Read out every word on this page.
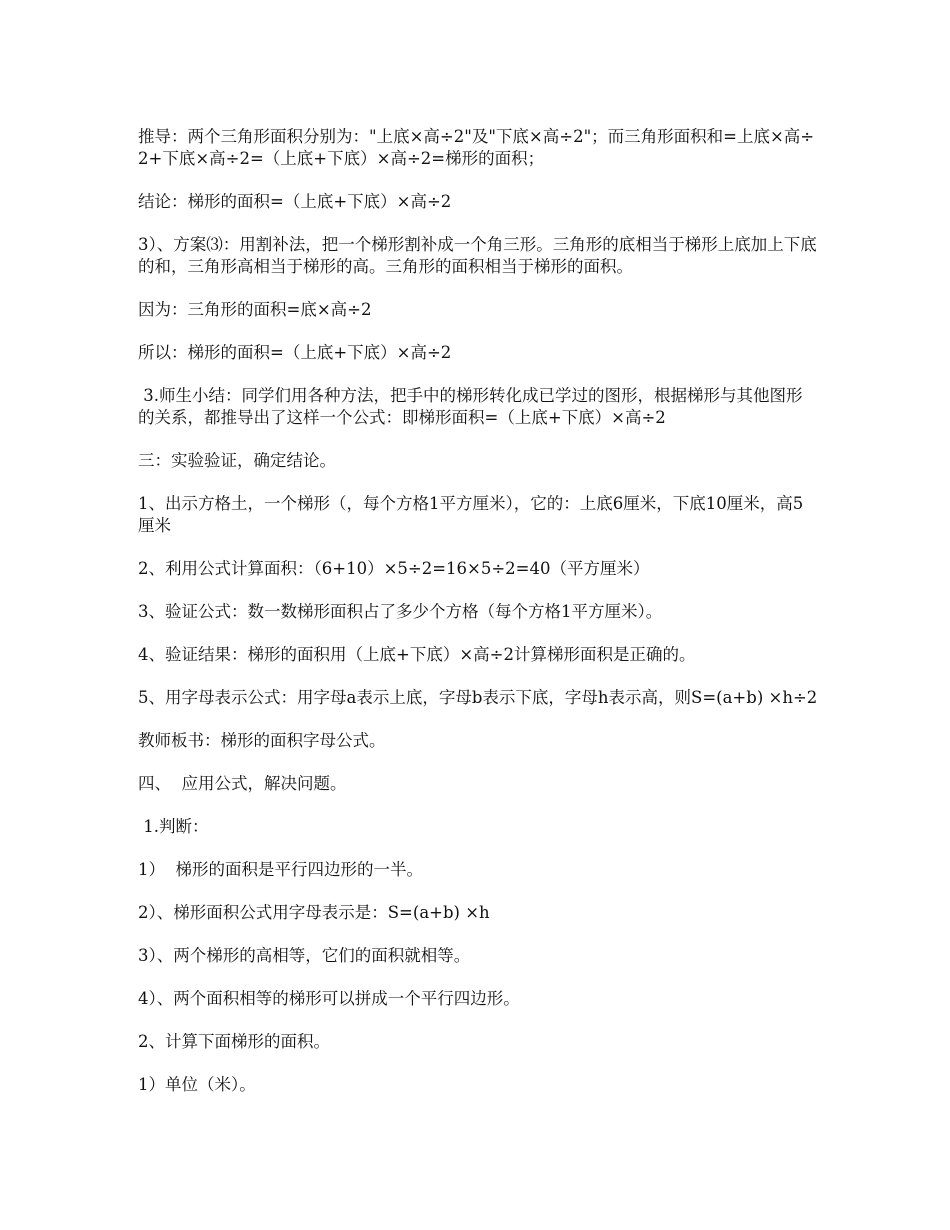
推导：两个三角形面积分别为："上底×高÷2"及"下底×高÷2"；而三角形面积和=上底×高÷2+下底×高÷2=（上底+下底）×高÷2=梯形的面积；

结论：梯形的面积=（上底+下底）×高÷2

3）、方案⑶：用割补法，把一个梯形割补成一个角三形。三角形的底相当于梯形上底加上下底的和，三角形高相当于梯形的高。三角形的面积相当于梯形的面积。

因为：三角形的面积=底×高÷2

所以：梯形的面积=（上底+下底）×高÷2

3.师生小结：同学们用各种方法，把手中的梯形转化成已学过的图形，根据梯形与其他图形的关系，都推导出了这样一个公式：即梯形面积=（上底+下底）×高÷2

三：实验验证，确定结论。

1、出示方格土，一个梯形（，每个方格1平方厘米），它的：上底6厘米，下底10厘米，高5厘米

2、利用公式计算面积：（6+10）×5÷2=16×5÷2=40（平方厘米）

3、验证公式：数一数梯形面积占了多少个方格（每个方格1平方厘米）。

4、验证结果：梯形的面积用（上底+下底）×高÷2计算梯形面积是正确的。

5、用字母表示公式：用字母a表示上底，字母b表示下底，字母h表示高，则S=(a+b) ×h÷2

教师板书：梯形的面积字母公式。

四、  应用公式，解决问题。

1.判断：

1）  梯形的面积是平行四边形的一半。

2）、梯形面积公式用字母表示是：S=(a+b) ×h

3）、两个梯形的高相等，它们的面积就相等。

4）、两个面积相等的梯形可以拼成一个平行四边形。

2、计算下面梯形的面积。

1）单位（米）。
